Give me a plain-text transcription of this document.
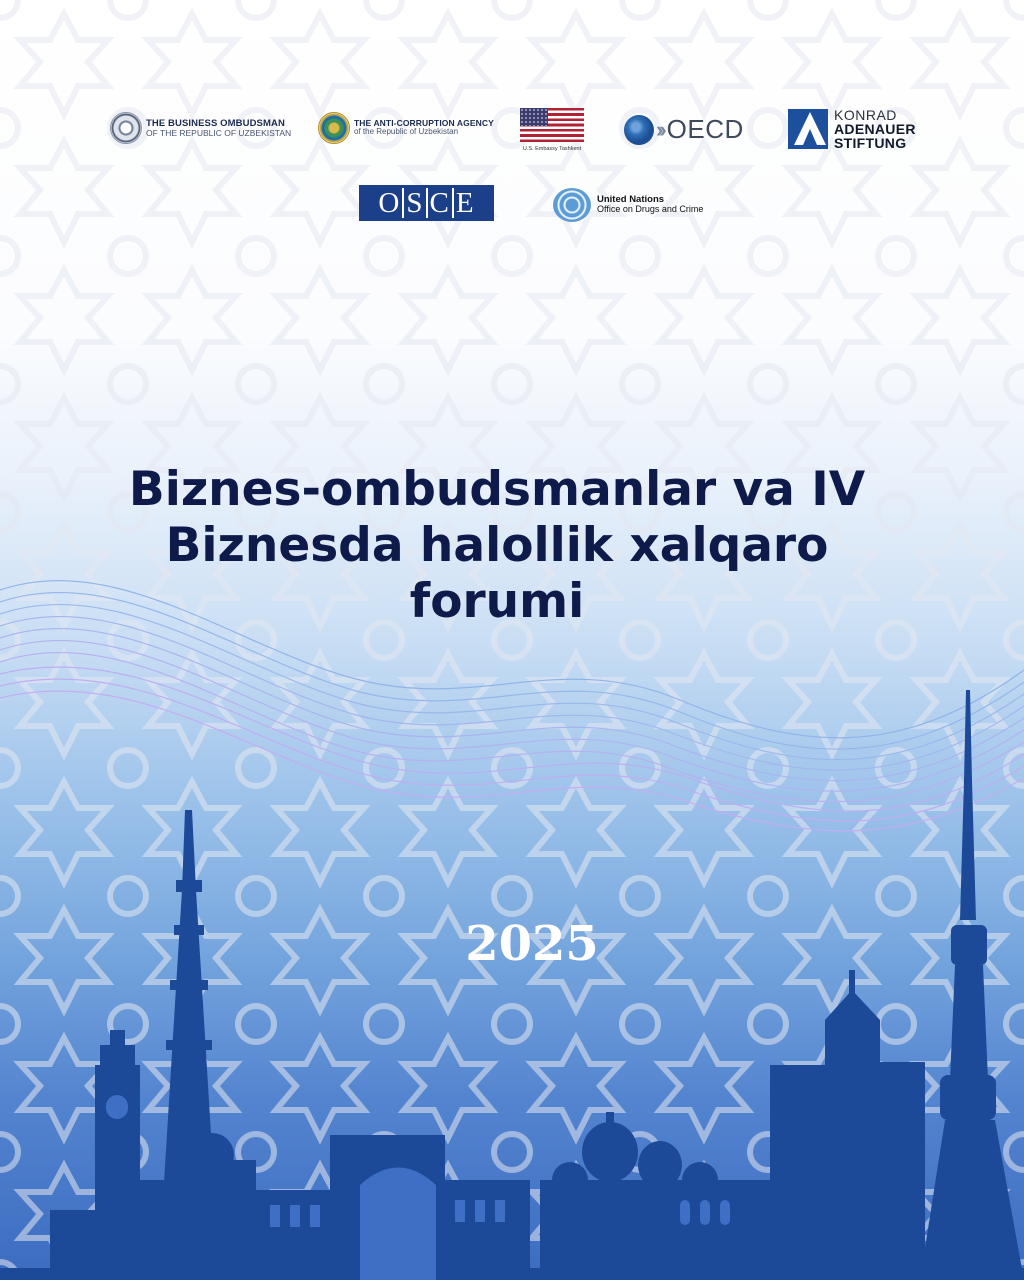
THE BUSINESS OMBUDSMAN
OF THE REPUBLIC OF UZBEKISTAN
THE ANTI-CORRUPTION AGENCY
of the Republic of Uzbekistan
U.S. Embassy Tashkent
›› OECD	KONRAD
ADENAUER
STIFTUNG
O S C E	United Nations
Office on Drugs and Crime
Biznes-ombudsmanlar va IV
Biznesda halollik xalqaro
forumi
2025
